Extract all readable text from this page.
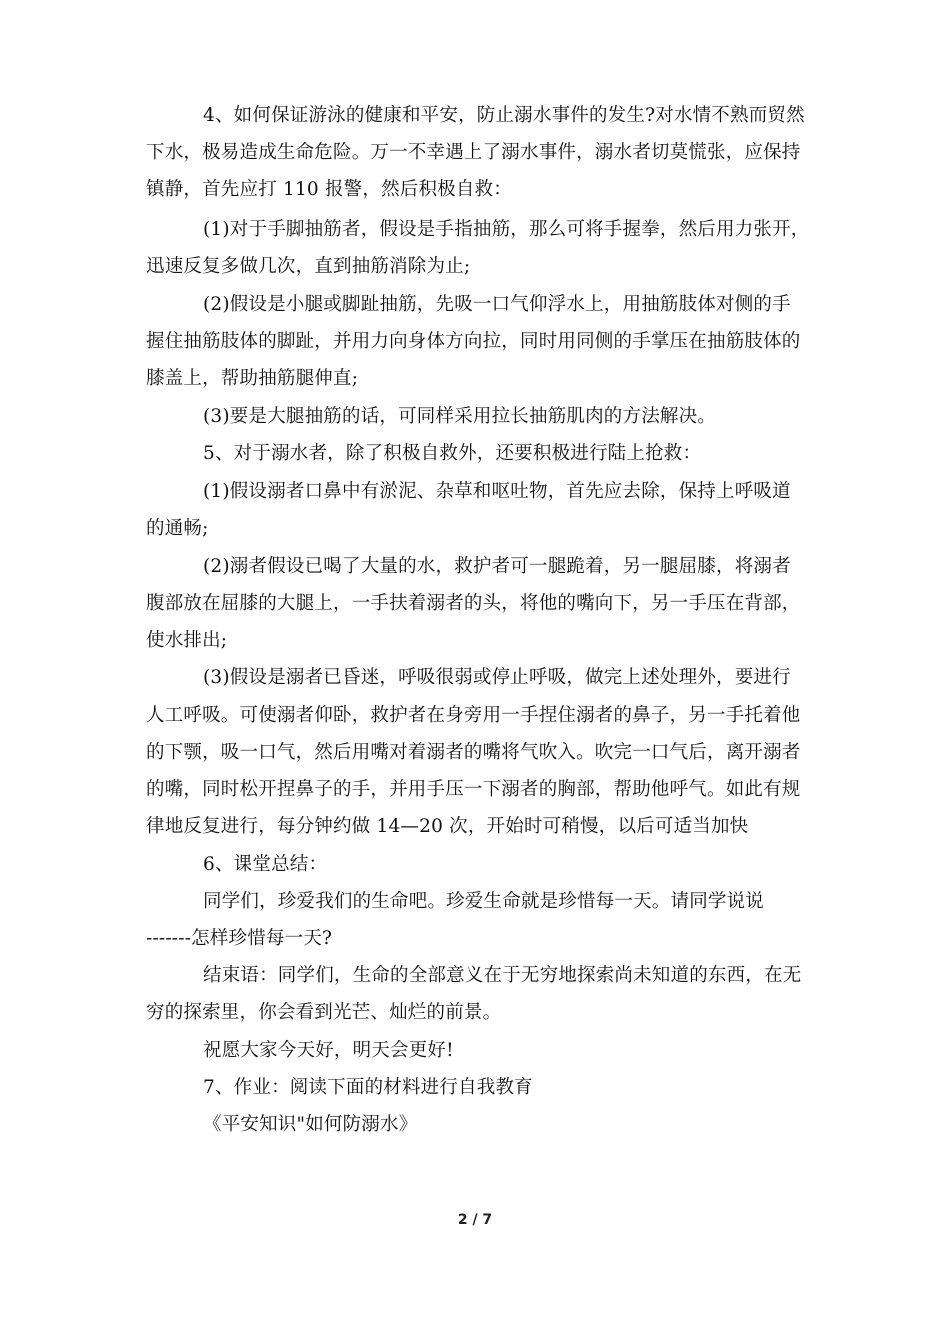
4、如何保证游泳的健康和平安，防止溺水事件的发生?对水情不熟而贸然
下水，极易造成生命危险。万一不幸遇上了溺水事件，溺水者切莫慌张，应保持
镇静，首先应打 110 报警，然后积极自救：
(1)对于手脚抽筋者，假设是手指抽筋，那么可将手握拳，然后用力张开，
迅速反复多做几次，直到抽筋消除为止;
(2)假设是小腿或脚趾抽筋，先吸一口气仰浮水上，用抽筋肢体对侧的手
握住抽筋肢体的脚趾，并用力向身体方向拉，同时用同侧的手掌压在抽筋肢体的
膝盖上，帮助抽筋腿伸直;
(3)要是大腿抽筋的话，可同样采用拉长抽筋肌肉的方法解决。
5、对于溺水者，除了积极自救外，还要积极进行陆上抢救：
(1)假设溺者口鼻中有淤泥、杂草和呕吐物，首先应去除，保持上呼吸道
的通畅;
(2)溺者假设已喝了大量的水，救护者可一腿跪着，另一腿屈膝，将溺者
腹部放在屈膝的大腿上，一手扶着溺者的头，将他的嘴向下，另一手压在背部，
使水排出;
(3)假设是溺者已昏迷，呼吸很弱或停止呼吸，做完上述处理外，要进行
人工呼吸。可使溺者仰卧，救护者在身旁用一手捏住溺者的鼻子，另一手托着他
的下颚，吸一口气，然后用嘴对着溺者的嘴将气吹入。吹完一口气后，离开溺者
的嘴，同时松开捏鼻子的手，并用手压一下溺者的胸部，帮助他呼气。如此有规
律地反复进行，每分钟约做 14—20 次，开始时可稍慢，以后可适当加快
6、课堂总结：
同学们，珍爱我们的生命吧。珍爱生命就是珍惜每一天。请同学说说
-------怎样珍惜每一天?
结束语：同学们，生命的全部意义在于无穷地探索尚未知道的东西，在无
穷的探索里，你会看到光芒、灿烂的前景。
祝愿大家今天好，明天会更好!
7、作业：阅读下面的材料进行自我教育
《平安知识"如何防溺水》
2 / 7
